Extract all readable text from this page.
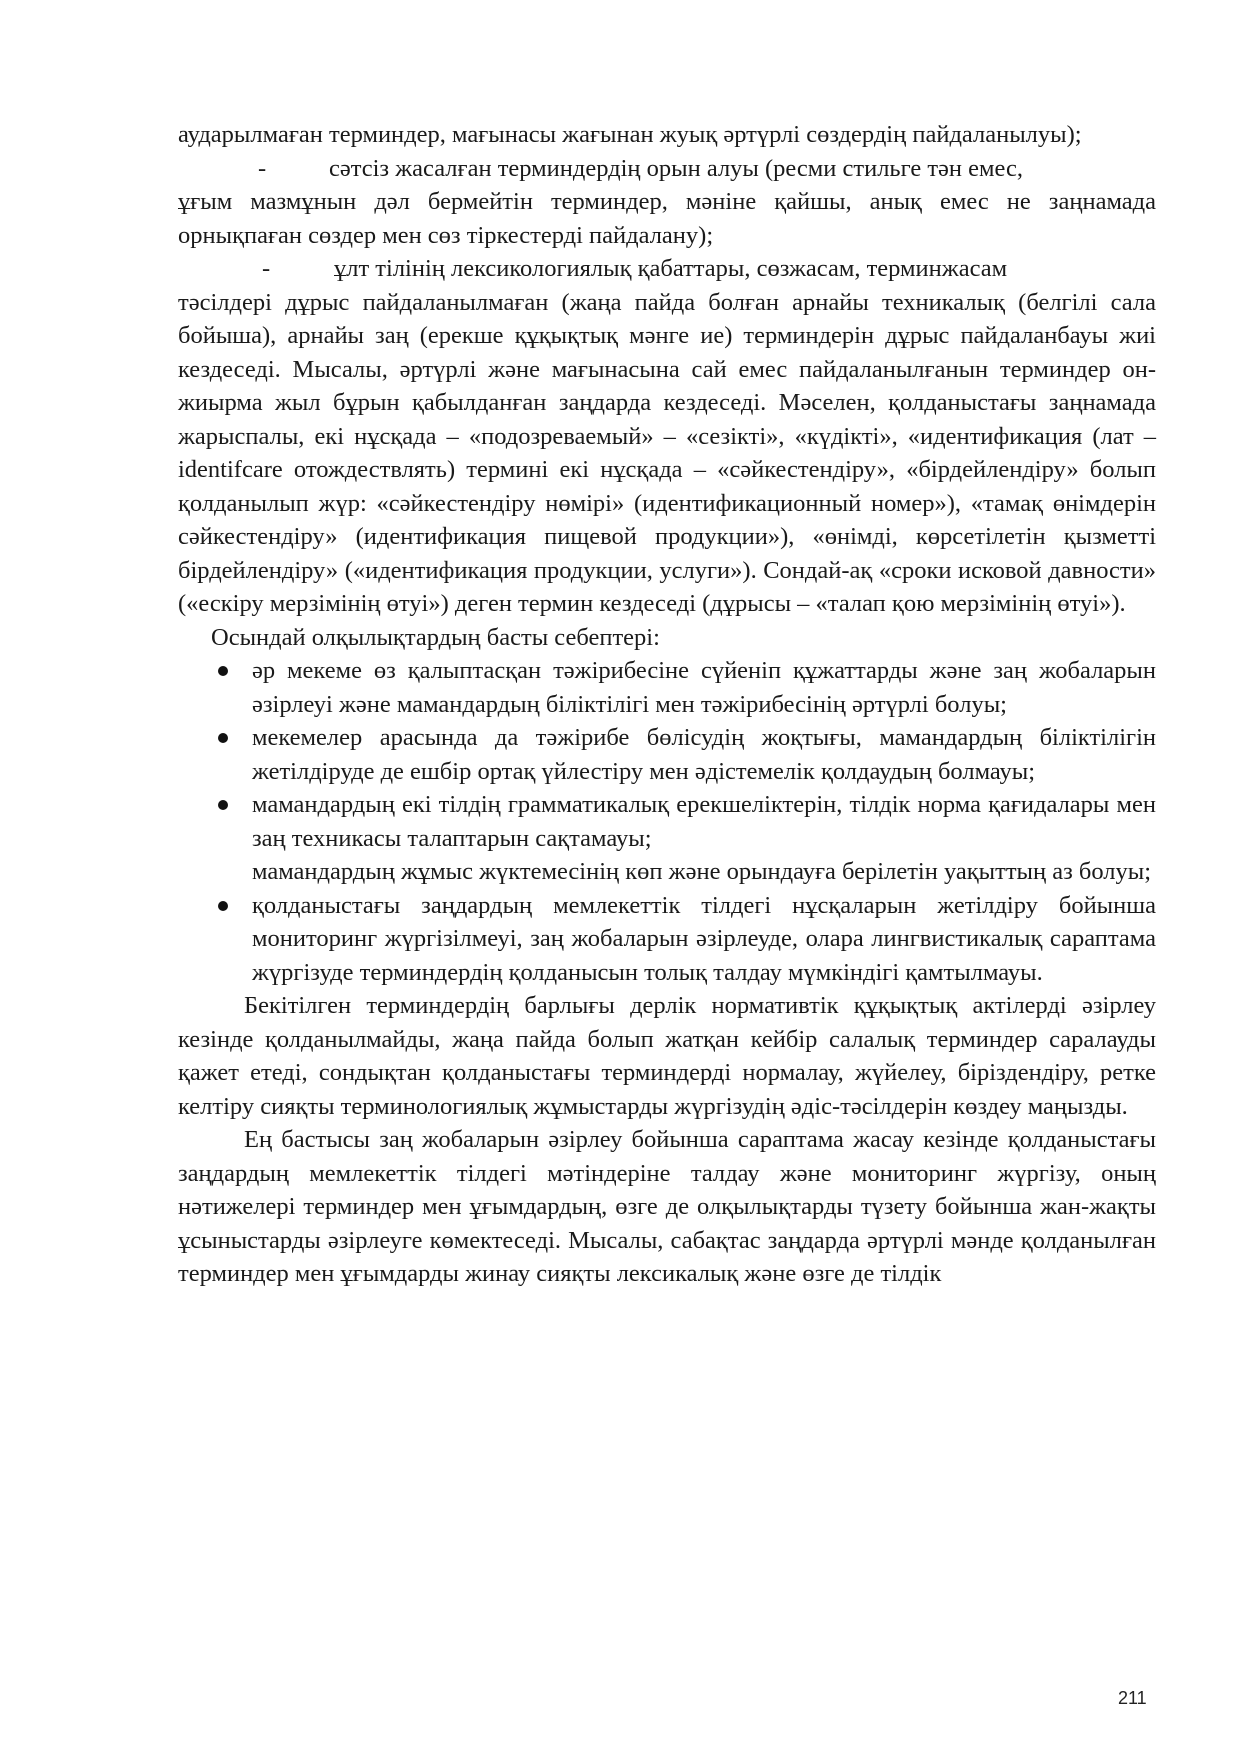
аударылмаған терминдер, мағынасы жағынан жуық әртүрлі сөздердің пайдаланылуы);

-	сәтсіз жасалған терминдердің орын алуы (ресми стильге тән емес,

ұғым мазмұнын дәл бермейтін терминдер, мәніне қайшы, анық емес не заңнамада орнықпаған сөздер мен сөз тіркестерді пайдалану);

-	ұлт тілінің лексикологиялық қабаттары, сөзжасам, терминжасам

тәсілдері дұрыс пайдаланылмаған (жаңа пайда болған арнайы техникалық (белгілі сала бойыша), арнайы заң (ерекше құқықтық мәнге ие) терминдерін дұрыс пайдаланбауы жиі кездеседі. Мысалы, әртүрлі және мағынасына сай емес пайдаланылғанын терминдер он-жиырма жыл бұрын қабылданған заңдарда кездеседі. Мәселен, қолданыстағы заңнамада жарыспалы, екі нұсқада – «подозреваемый» – «сезікті», «күдікті», «идентификация (лат – identifcare отождествлять) термині екі нұсқада – «сәйкестендіру», «бірдейлендіру» болып қолданылып жүр: «сәйкестендіру нөмірі» (идентификационный номер»), «тамақ өнімдерін сәйкестендіру» (идентификация пищевой продукции»), «өнімді, көрсетілетін қызметті бірдейлендіру» («идентификация продукции, услуги»). Сондай-ақ «сроки исковой давности» («ескіру мерзімінің өтуі») деген термин кездеседі (дұрысы – «талап қою мерзімінің өтуі»).

Осындай олқылықтардың басты себептері:

әр мекеме өз қалыптасқан тәжірибесіне сүйеніп құжаттарды және заң жобаларын әзірлеуі және мамандардың біліктілігі мен тәжірибесінің әртүрлі болуы;
мекемелер арасында да тәжірибе бөлісудің жоқтығы, мамандардың біліктілігін жетілдіруде де ешбір ортақ үйлестіру мен әдістемелік қолдаудың болмауы;
мамандардың екі тілдің грамматикалық ерекшеліктерін, тілдік норма қағидалары мен заң техникасы талаптарын сақтамауы;

мамандардың жұмыс жүктемесінің көп және орындауға берілетін уақыттың аз болуы;

қолданыстағы заңдардың мемлекеттік тілдегі нұсқаларын жетілдіру бойынша мониторинг жүргізілмеуі, заң жобаларын әзірлеуде, олара лингвистикалық сараптама жүргізуде терминдердің қолданысын толық талдау мүмкіндігі қамтылмауы.

Бекітілген терминдердің барлығы дерлік нормативтік құқықтық актілерді әзірлеу кезінде қолданылмайды, жаңа пайда болып жатқан кейбір салалық терминдер саралауды қажет етеді, сондықтан қолданыстағы терминдерді нормалау, жүйелеу, біріздендіру, ретке келтіру сияқты терминологиялық жұмыстарды жүргізудің әдіс-тәсілдерін көздеу маңызды.

Ең бастысы заң жобаларын әзірлеу бойынша сараптама жасау кезінде қолданыстағы заңдардың мемлекеттік тілдегі мәтіндеріне талдау және мониторинг жүргізу, оның нәтижелері терминдер мен ұғымдардың, өзге де олқылықтарды түзету бойынша жан-жақты ұсыныстарды әзірлеуге көмектеседі. Мысалы, сабақтас заңдарда әртүрлі мәнде қолданылған терминдер мен ұғымдарды жинау сияқты лексикалық және өзге де тілдік

211
